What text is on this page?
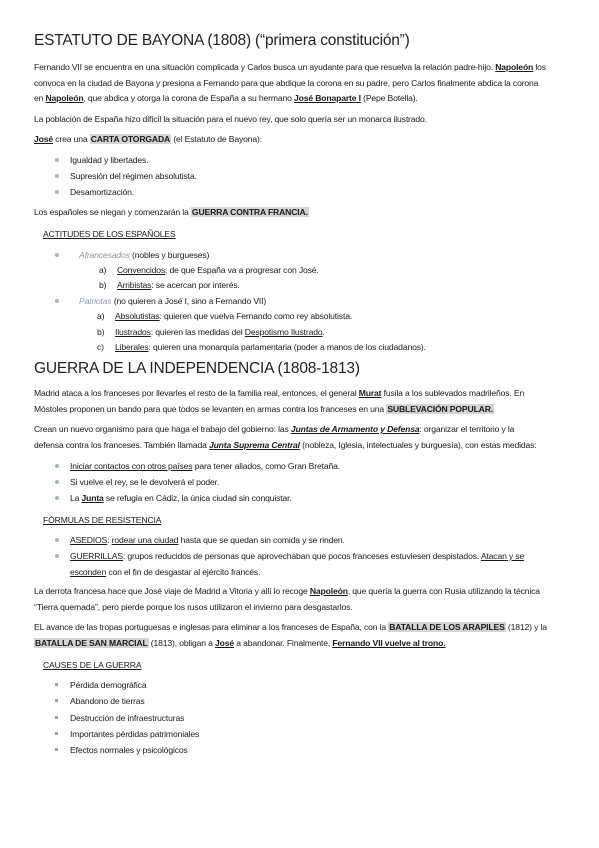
ESTATUTO DE BAYONA (1808) (“primera constitución”)

Fernando VII se encuentra en una situación complicada y Carlos busca un ayudante para que resuelva la relación padre-hijo. Napoleón los
convoca en la ciudad de Bayona y presiona a Fernando para que abdique la corona en su padre, pero Carlos finalmente abdica la corona
en Napoleón, que abdica y otorga la corona de España a su hermano José Bonaparte I (Pepe Botella).

La población de España hizo difícil la situación para el nuevo rey, que solo quería ser un monarca ilustrado.

José crea una CARTA OTORGADA (el Estatuto de Bayona):

Igualdad y libertades.
Supresión del régimen absolutista.
Desamortización.

Los españoles se niegan y comenzarán la GUERRA CONTRA FRANCIA.

ACTITUDES DE LOS ESPAÑOLES

Afrancesados (nobles y burgueses)
a) Convencidos: de que España va a progresar con José.
b) Arribistas: se acercan por interés.
Patriotas (no quieren a José I, sino a Fernando VII)
a) Absolutistas: quieren que vuelva Fernando como rey absolutista.
b) Ilustrados: quieren las medidas del Despotismo Ilustrado.
c) Liberales: quieren una monarquía parlamentaria (poder a manos de los ciudadanos).
GUERRA DE LA INDEPENDENCIA (1808-1813)

Madrid ataca a los franceses por llevarles el resto de la familia real, entonces, el general Murat fusila a los sublevados madrileños. En
Móstoles proponen un bando para que todos se levanten en armas contra los franceses en una SUBLEVACIÓN POPULAR.

Crean un nuevo organismo para que haga el trabajo del gobierno: las Juntas de Armamento y Defensa: organizar el territorio y la
defensa contra los franceses. También llamada Junta Suprema Central (nobleza, Iglesia, intelectuales y burguesía), con estas medidas:

Iniciar contactos con otros países para tener aliados, como Gran Bretaña.
Si vuelve el rey, se le devolverá el poder.
La Junta se refugia en Cádiz, la única ciudad sin conquistar.

FÓRMULAS DE RESISTENCIA

ASEDIOS: rodear una ciudad hasta que se quedan sin comida y se rinden.
GUERRILLAS: grupos reducidos de personas que aprovechaban que pocos franceses estuviesen despistados. Atacan y se
esconden con el fin de desgastar al ejército francés.

La derrota francesa hace que José viaje de Madrid a Vitoria y allí lo recoge Napoleón, que quería la guerra con Rusia utilizando la técnica
“Tierra quemada”, pero pierde porque los rusos utilizaron el invierno para desgastarlos.

EL avance de las tropas portuguesas e inglesas para eliminar a los franceses de España, con la BATALLA DE LOS ARAPILES (1812) y la
BATALLA DE SAN MARCIAL (1813), obligan a José a abandonar. Finalmente, Fernando VII vuelve al trono.

CAUSES DE LA GUERRA

Pérdida demográfica
Abandono de tierras
Destrucción de infraestructuras
Importantes pérdidas patrimoniales
Efectos normales y psicológicos
